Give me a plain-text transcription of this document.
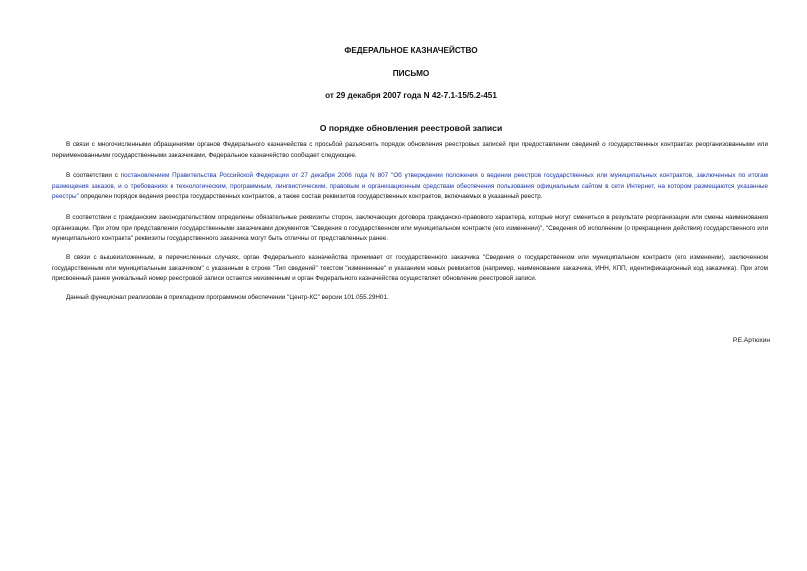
ФЕДЕРАЛЬНОЕ КАЗНАЧЕЙСТВО
ПИСЬМО
от 29 декабря 2007 года N 42-7.1-15/5.2-451
О порядке обновления реестровой записи

В связи с многочисленными обращениями органов Федерального казначейства с просьбой разъяснить порядок обновления реестровых записей при предоставлении сведений о государственных контрактах реорганизованными или переименованными государственными заказчиками, Федеральное казначейство сообщает следующее.

В соответствии с постановлением Правительства Российской Федерации от 27 декабря 2006 года N 807 "Об утверждении положения о ведении реестров государственных или муниципальных контрактов, заключенных по итогам размещения заказов, и о требованиях к технологическим, программным, лингвистическим, правовым и организационным средствам обеспечения пользования официальным сайтом в сети Интернет, на котором размещаются указанные реестры" определен порядок ведения реестра государственных контрактов, а также состав реквизитов государственных контрактов, включаемых в указанный реестр.

В соответствии с гражданским законодательством определены обязательные реквизиты сторон, заключающих договора гражданско-правового характера, которые могут смениться в результате реорганизации или смены наименования организации. При этом при представлении государственными заказчиками документов "Сведения о государственном или муниципальном контракте (его изменении)", "Сведения об исполнении (о прекращении действия) государственного или муниципального контракта" реквизиты государственного заказчика могут быть отличны от представленных ранее.

В связи с вышеизложенным, в перечисленных случаях, орган Федерального казначейства принимает от государственного заказчика "Сведения о государственном или муниципальном контракте (его изменении), заключенном государственным или муниципальным заказчиком" с указанным в строке "Тип сведений" текстом "измененные" и указанием новых реквизитов (например, наименование заказчика, ИНН, КПП, идентификационный код заказчика). При этом присвоенный ранее уникальный номер реестровой записи остается неизменным и орган Федерального казначейства осуществляет обновление реестровой записи.

Данный функционал реализован в прикладном программном обеспечении "Центр-КС" версии 101.055.29Н01.

Р.Е.Артюхин
